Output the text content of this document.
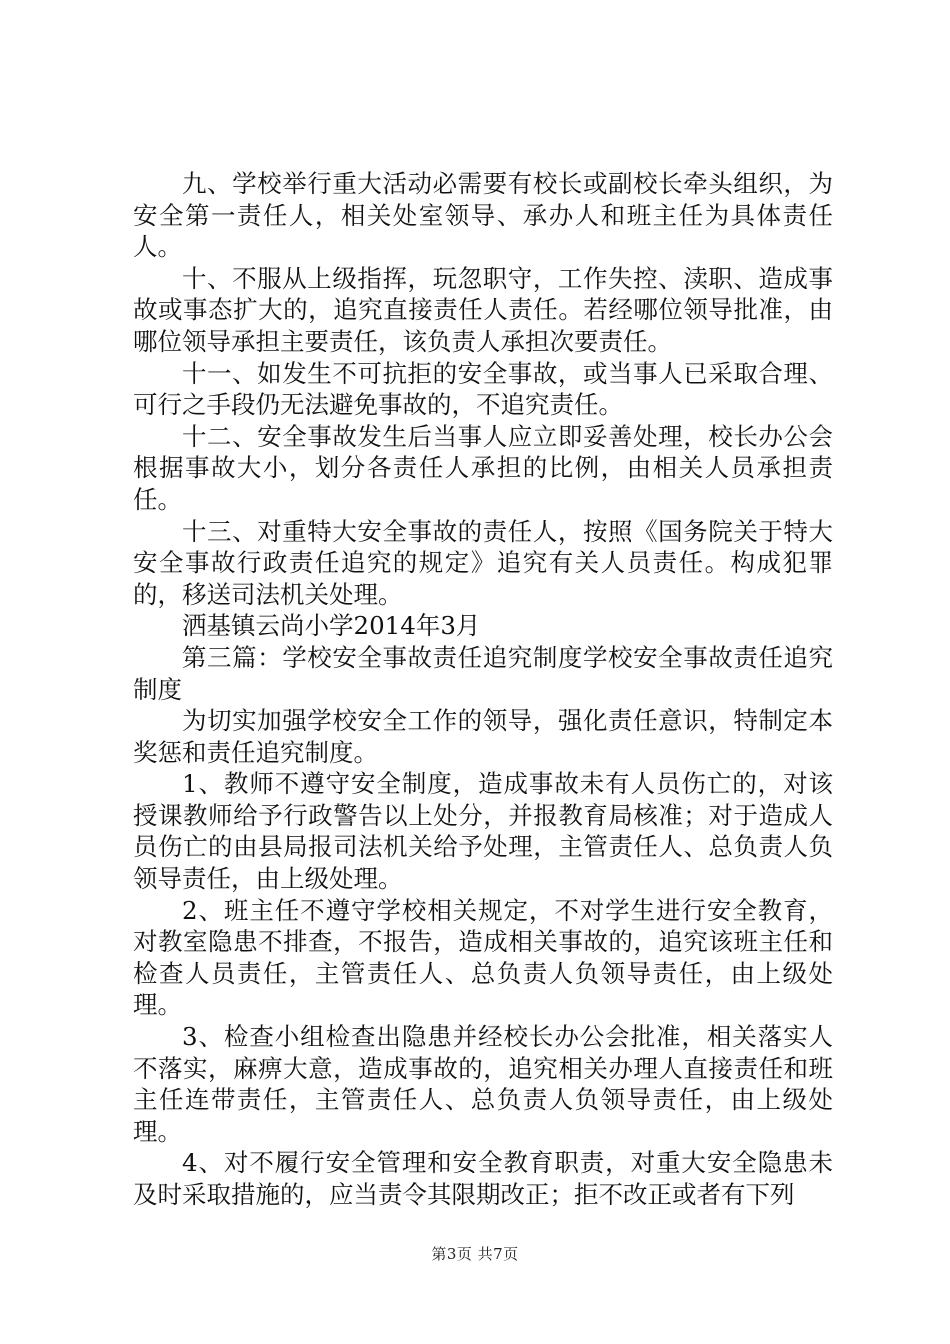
九、学校举行重大活动必需要有校长或副校长牵头组织，为安全第一责任人，相关处室领导、承办人和班主任为具体责任人。

十、不服从上级指挥，玩忽职守，工作失控、渎职、造成事故或事态扩大的，追究直接责任人责任。若经哪位领导批准，由哪位领导承担主要责任，该负责人承担次要责任。

十一、如发生不可抗拒的安全事故，或当事人已采取合理、可行之手段仍无法避免事故的，不追究责任。

十二、安全事故发生后当事人应立即妥善处理，校长办公会根据事故大小，划分各责任人承担的比例，由相关人员承担责任。

十三、对重特大安全事故的责任人，按照《国务院关于特大安全事故行政责任追究的规定》追究有关人员责任。构成犯罪的，移送司法机关处理。

洒基镇云尚小学2014年3月

第三篇：学校安全事故责任追究制度学校安全事故责任追究制度

为切实加强学校安全工作的领导，强化责任意识，特制定本奖惩和责任追究制度。

1、教师不遵守安全制度，造成事故未有人员伤亡的，对该授课教师给予行政警告以上处分，并报教育局核准；对于造成人员伤亡的由县局报司法机关给予处理，主管责任人、总负责人负领导责任，由上级处理。

2、班主任不遵守学校相关规定，不对学生进行安全教育，对教室隐患不排查，不报告，造成相关事故的，追究该班主任和检查人员责任，主管责任人、总负责人负领导责任，由上级处理。

3、检查小组检查出隐患并经校长办公会批准，相关落实人不落实，麻痹大意，造成事故的，追究相关办理人直接责任和班主任连带责任，主管责任人、总负责人负领导责任，由上级处理。

4、对不履行安全管理和安全教育职责，对重大安全隐患未及时采取措施的，应当责令其限期改正；拒不改正或者有下列

第3页 共7页
